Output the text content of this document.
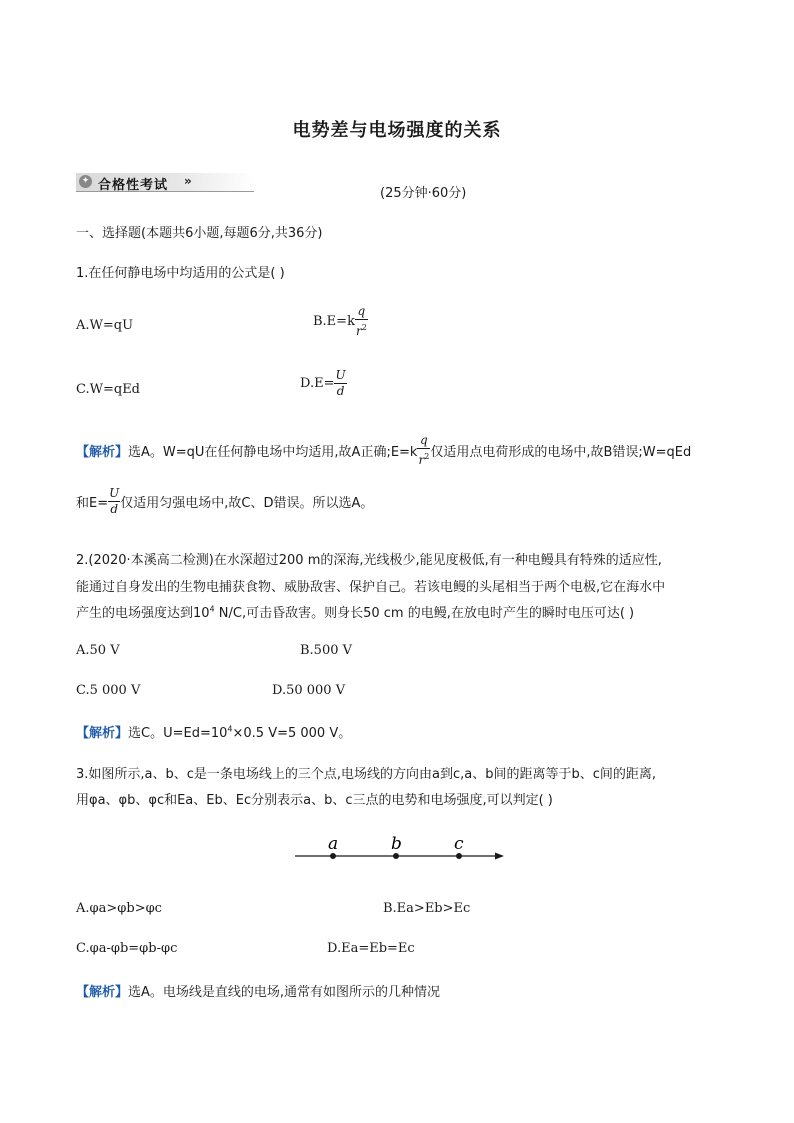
电势差与电场强度的关系
✦ 合格性考试 »
(25分钟·60分)
一、选择题(本题共6小题,每题6分,共36分)
1.在任何静电场中均适用的公式是( )
A.W=qU	$B.E=k \frac{q}{r^2}$
C.W=qEd	$D.E= \frac{U}{d}$
【解析】选A。W=qU在任何静电场中均适用,故A正确;E=k $\frac{q}{r^2}$ 仅适用点电荷形成的电场中,故B错误;W=qEd
和$E= \frac{U}{d}$ 仅适用匀强电场中,故C、D错误。所以选A。
2.(2020·本溪高二检测)在水深超过200 m的深海,光线极少,能见度极低,有一种电鳗具有特殊的适应性,
能通过自身发出的生物电捕获食物、威胁敌害、保护自己。若该电鳗的头尾相当于两个电极,它在海水中
产生的电场强度达到$10^4$ N/C,可击昏敌害。则身长50 cm 的电鳗,在放电时产生的瞬时电压可达( )
A.50 V	B.500 V
C.5 000 V	D.50 000 V
【解析】选C。$U=Ed=10^4\times 0.5$ V=5 000 V。
3.如图所示,a、b、c是一条电场线上的三个点,电场线的方向由a到c,a、b间的距离等于b、c间的距离,
用φa、φb、φc和Ea、Eb、Ec分别表示a、b、c三点的电势和电场强度,可以判定( )
a	b	c
A.φa>φb>φc	B.Ea>Eb>Ec
C.φa-φb=φb-φc	D.Ea=Eb=Ec
【解析】选A。电场线是直线的电场,通常有如图所示的几种情况
